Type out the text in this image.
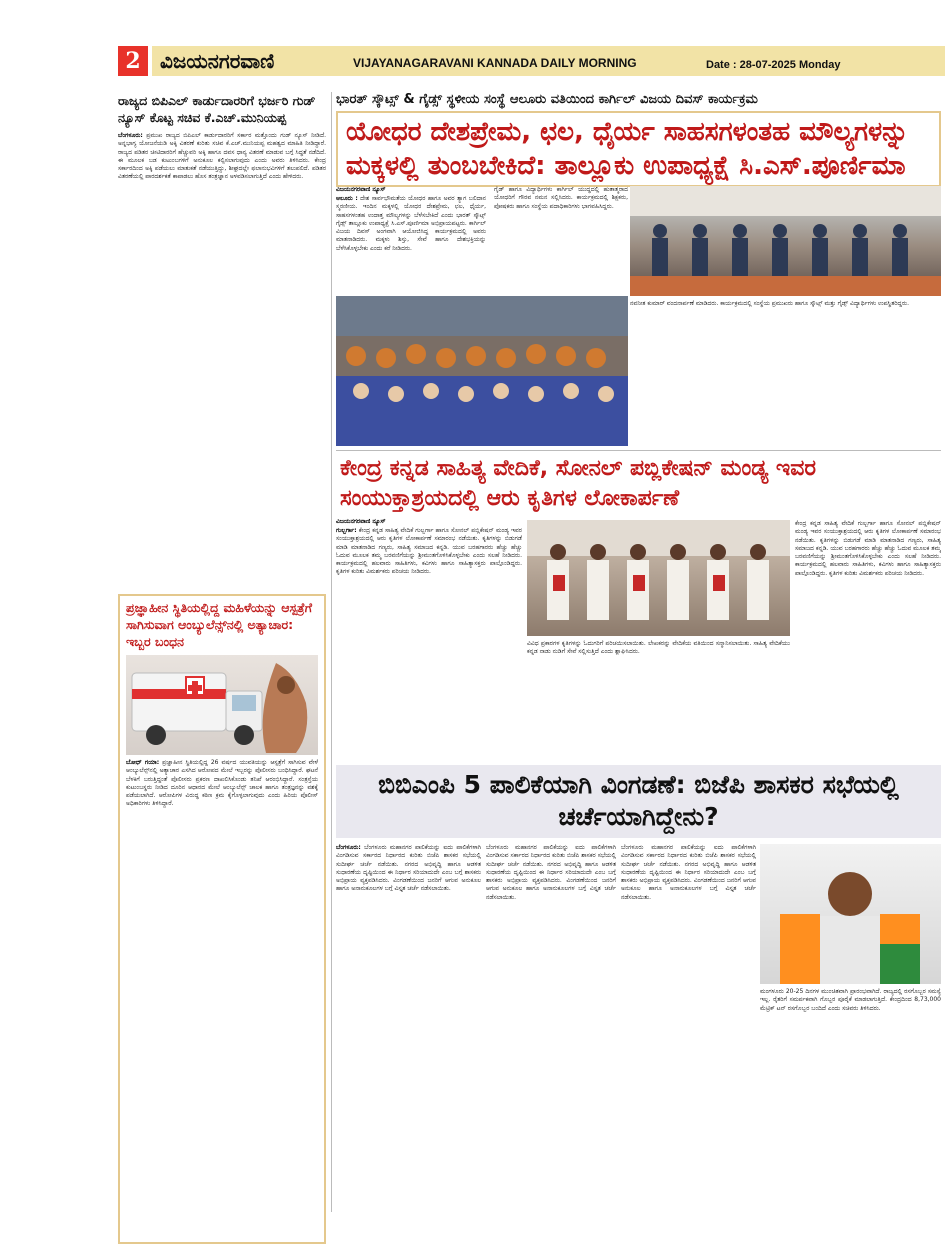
2 ವಿಜಯನಗರವಾಣಿ	VIJAYANAGARAVANI KANNADA DAILY MORNING	Date : 28-07-2025 Monday
ರಾಜ್ಯದ ಬಿಪಿಎಲ್ ಕಾರ್ಡುದಾರರಿಗೆ ಭರ್ಜರಿ ಗುಡ್ ನ್ಯೂಸ್ ಕೊಟ್ಟ ಸಚಿವ ಕೆ.ಎಚ್.ಮುನಿಯಪ್ಪ
ಬೆಂಗಳೂರು: ಪ್ರಮುಖ ರಾಜ್ಯದ ಬಿಪಿಎಲ್ ಕಾರ್ಡುದಾರರಿಗೆ ಸರ್ಕಾರ ಮತ್ತೊಂದು ಗುಡ್ ನ್ಯೂಸ್ ನೀಡಿದೆ. ಅನ್ನಭಾಗ್ಯ ಯೋಜನೆಯಡಿ ಅಕ್ಕಿ ವಿತರಣೆ ಕುರಿತು ಸಚಿವ ಕೆ.ಎಚ್.ಮುನಿಯಪ್ಪ ಮಹತ್ವದ ಮಾಹಿತಿ ನೀಡಿದ್ದಾರೆ. ರಾಜ್ಯದ ಪಡಿತರ ಚೀಟಿದಾರರಿಗೆ ಹೆಚ್ಚುವರಿ ಅಕ್ಕಿ ಹಾಗೂ ದವಸ ಧಾನ್ಯ ವಿತರಣೆ ಮಾಡುವ ಬಗ್ಗೆ ಸಿದ್ಧತೆ ನಡೆದಿದೆ. ಈ ಮೂಲಕ ಬಡ ಕುಟುಂಬಗಳಿಗೆ ಅನುಕೂಲ ಕಲ್ಪಿಸಲಾಗುವುದು ಎಂದು ಅವರು ತಿಳಿಸಿದರು. ಕೇಂದ್ರ ಸರ್ಕಾರದಿಂದ ಅಕ್ಕಿ ಪಡೆಯಲು ಮಾತುಕತೆ ನಡೆಯುತ್ತಿದ್ದು, ಶೀಘ್ರದಲ್ಲೇ ಫಲಾನುಭವಿಗಳಿಗೆ ತಲುಪಲಿದೆ. ಪಡಿತರ ವಿತರಣೆಯಲ್ಲಿ ಪಾರದರ್ಶಕತೆ ಕಾಪಾಡಲು ಹೊಸ ತಂತ್ರಜ್ಞಾನ ಅಳವಡಿಸಲಾಗುತ್ತಿದೆ ಎಂದು ಹೇಳಿದರು.
ಪ್ರಜ್ಞಾಹೀನ ಸ್ಥಿತಿಯಲ್ಲಿದ್ದ ಮಹಿಳೆಯನ್ನು ಆಸ್ಪತ್ರೆಗೆ ಸಾಗಿಸುವಾಗ ಆಂಬ್ಯುಲೆನ್ಸ್‌ನಲ್ಲಿ ಅತ್ಯಾಚಾರ: ಇಬ್ಬರ ಬಂಧನ
ಬೋಧ್ ಗಯಾ: ಪ್ರಜ್ಞಾಹೀನ ಸ್ಥಿತಿಯಲ್ಲಿದ್ದ 26 ವರ್ಷದ ಯುವತಿಯನ್ನು ಆಸ್ಪತ್ರೆಗೆ ಸಾಗಿಸುವ ವೇಳೆ ಆಂಬ್ಯುಲೆನ್ಸ್‌ನಲ್ಲಿ ಅತ್ಯಾಚಾರ ಎಸಗಿದ ಆರೋಪದ ಮೇಲೆ ಇಬ್ಬರನ್ನು ಪೊಲೀಸರು ಬಂಧಿಸಿದ್ದಾರೆ. ಘಟನೆ ಬೆಳಕಿಗೆ ಬರುತ್ತಿದ್ದಂತೆ ಪೊಲೀಸರು ಪ್ರಕರಣ ದಾಖಲಿಸಿಕೊಂಡು ತನಿಖೆ ಆರಂಭಿಸಿದ್ದಾರೆ. ಸಂತ್ರಸ್ತೆಯ ಕುಟುಂಬಸ್ಥರು ನೀಡಿದ ದೂರಿನ ಆಧಾರದ ಮೇಲೆ ಆಂಬ್ಯುಲೆನ್ಸ್ ಚಾಲಕ ಹಾಗೂ ತಂತ್ರಜ್ಞನನ್ನು ವಶಕ್ಕೆ ಪಡೆಯಲಾಗಿದೆ. ಆರೋಪಿಗಳ ವಿರುದ್ಧ ಕಠಿಣ ಕ್ರಮ ಕೈಗೊಳ್ಳಲಾಗುವುದು ಎಂದು ಹಿರಿಯ ಪೊಲೀಸ್ ಅಧಿಕಾರಿಗಳು ತಿಳಿಸಿದ್ದಾರೆ.
ಭಾರತ್ ಸ್ಕೌಟ್ಸ್ & ಗೈಡ್ಸ್ ಸ್ಥಳೀಯ ಸಂಸ್ಥೆ ಆಲೂರು ವತಿಯಿಂದ ಕಾರ್ಗಿಲ್ ವಿಜಯ ದಿವಸ್ ಕಾರ್ಯಕ್ರಮ
ಯೋಧರ ದೇಶಪ್ರೇಮ, ಛಲ, ಧೈರ್ಯ ಸಾಹಸಗಳಂತಹ ಮೌಲ್ಯಗಳನ್ನು ಮಕ್ಕಳಲ್ಲಿ ತುಂಬಬೇಕಿದೆ: ತಾಲ್ಲೂಕು ಉಪಾಧ್ಯಕ್ಷೆ ಸಿ.ಎಸ್.ಪೂರ್ಣಿಮಾ
ವಿಜಯನಗರವಾಣಿ ನ್ಯೂಸ್
ಆಲೂರು : ದೇಶ ಸಾರ್ವಭೌಮತೆಯ ಯೋಧರ ಹಾಗೂ ಅವರ ತ್ಯಾಗ ಬಲಿದಾನ ಸ್ಮರಣೀಯ. ಇಂದಿನ ಮಕ್ಕಳಲ್ಲಿ ಯೋಧರ ದೇಶಪ್ರೇಮ, ಛಲ, ಧೈರ್ಯ, ಸಾಹಸಗಳಂತಹ ಉದಾತ್ತ ಮೌಲ್ಯಗಳನ್ನು ಬೆಳೆಸಬೇಕಿದೆ ಎಂದು ಭಾರತ್ ಸ್ಕೌಟ್ಸ್ ಗೈಡ್ಸ್ ತಾಲ್ಲೂಕು ಉಪಾಧ್ಯಕ್ಷೆ ಸಿ.ಎಸ್.ಪೂರ್ಣಿಮಾ ಅಭಿಪ್ರಾಯಪಟ್ಟರು. ಕಾರ್ಗಿಲ್ ವಿಜಯ ದಿವಸ್ ಅಂಗವಾಗಿ ಆಯೋಜಿಸಿದ್ದ ಕಾರ್ಯಕ್ರಮದಲ್ಲಿ ಅವರು ಮಾತನಾಡಿದರು. ಮಕ್ಕಳು ಶಿಸ್ತು, ಸೇವೆ ಹಾಗೂ ದೇಶಭಕ್ತಿಯನ್ನು ಬೆಳೆಸಿಕೊಳ್ಳಬೇಕು ಎಂದು ಕರೆ ನೀಡಿದರು.
ಗೈಡ್ ಹಾಗೂ ವಿದ್ಯಾರ್ಥಿಗಳು ಕಾರ್ಗಿಲ್ ಯುದ್ಧದಲ್ಲಿ ಹುತಾತ್ಮರಾದ ಯೋಧರಿಗೆ ಗೌರವ ನಮನ ಸಲ್ಲಿಸಿದರು. ಕಾರ್ಯಕ್ರಮದಲ್ಲಿ ಶಿಕ್ಷಕರು, ಪೋಷಕರು ಹಾಗೂ ಸಂಸ್ಥೆಯ ಪದಾಧಿಕಾರಿಗಳು ಭಾಗವಹಿಸಿದ್ದರು.
ನವನೀತ ಕುಮಾರ್ ವಂದನಾರ್ಪಣೆ ಮಾಡಿದರು. ಕಾರ್ಯಕ್ರಮದಲ್ಲಿ ಸಂಸ್ಥೆಯ ಪ್ರಮುಖರು ಹಾಗೂ ಸ್ಕೌಟ್ಸ್ ಮತ್ತು ಗೈಡ್ಸ್ ವಿದ್ಯಾರ್ಥಿಗಳು ಉಪಸ್ಥಿತರಿದ್ದರು.
ಕೇಂದ್ರ ಕನ್ನಡ ಸಾಹಿತ್ಯ ವೇದಿಕೆ, ಸೋನಲ್ ಪಬ್ಲಿಕೇಷನ್ ಮಂಡ್ಯ ಇವರ ಸಂಯುಕ್ತಾಶ್ರಯದಲ್ಲಿ ಆರು ಕೃತಿಗಳ ಲೋಕಾರ್ಪಣೆ
ವಿಜಯನಗರವಾಣಿ ನ್ಯೂಸ್
ಗುಲ್ಬರ್ಗಾ: ಕೇಂದ್ರ ಕನ್ನಡ ಸಾಹಿತ್ಯ ವೇದಿಕೆ ಗುಲ್ಬರ್ಗಾ ಹಾಗೂ ಸೋನಲ್ ಪಬ್ಲಿಕೇಷನ್ ಮಂಡ್ಯ ಇವರ ಸಂಯುಕ್ತಾಶ್ರಯದಲ್ಲಿ ಆರು ಕೃತಿಗಳ ಲೋಕಾರ್ಪಣೆ ಸಮಾರಂಭ ನಡೆಯಿತು. ಕೃತಿಗಳನ್ನು ಬಿಡುಗಡೆ ಮಾಡಿ ಮಾತನಾಡಿದ ಗಣ್ಯರು, ಸಾಹಿತ್ಯ ಸಮಾಜದ ಕನ್ನಡಿ. ಯುವ ಬರಹಗಾರರು ಹೆಚ್ಚು ಹೆಚ್ಚು ಓದುವ ಮೂಲಕ ತಮ್ಮ ಬರವಣಿಗೆಯನ್ನು ಶ್ರೀಮಂತಗೊಳಿಸಿಕೊಳ್ಳಬೇಕು ಎಂದು ಸಲಹೆ ನೀಡಿದರು. ಕಾರ್ಯಕ್ರಮದಲ್ಲಿ ಹಲವಾರು ಸಾಹಿತಿಗಳು, ಕವಿಗಳು ಹಾಗೂ ಸಾಹಿತ್ಯಾಸಕ್ತರು ಪಾಲ್ಗೊಂಡಿದ್ದರು. ಕೃತಿಗಳ ಕುರಿತು ವಿಮರ್ಶಕರು ಪರಿಚಯ ನೀಡಿದರು.
ವಿವಿಧ ಪ್ರಕಾರಗಳ ಕೃತಿಗಳನ್ನು ಓದುಗರಿಗೆ ಪರಿಚಯಿಸಲಾಯಿತು. ಲೇಖಕರನ್ನು ವೇದಿಕೆಯ ವತಿಯಿಂದ ಸನ್ಮಾನಿಸಲಾಯಿತು. ಸಾಹಿತ್ಯ ವೇದಿಕೆಯು ಕನ್ನಡ ನಾಡು ನುಡಿಗೆ ಸೇವೆ ಸಲ್ಲಿಸುತ್ತಿದೆ ಎಂದು ಶ್ಲಾಘಿಸಿದರು.
ಕೇಂದ್ರ ಕನ್ನಡ ಸಾಹಿತ್ಯ ವೇದಿಕೆ ಗುಲ್ಬರ್ಗಾ ಹಾಗೂ ಸೋನಲ್ ಪಬ್ಲಿಕೇಷನ್ ಮಂಡ್ಯ ಇವರ ಸಂಯುಕ್ತಾಶ್ರಯದಲ್ಲಿ ಆರು ಕೃತಿಗಳ ಲೋಕಾರ್ಪಣೆ ಸಮಾರಂಭ ನಡೆಯಿತು. ಕೃತಿಗಳನ್ನು ಬಿಡುಗಡೆ ಮಾಡಿ ಮಾತನಾಡಿದ ಗಣ್ಯರು, ಸಾಹಿತ್ಯ ಸಮಾಜದ ಕನ್ನಡಿ. ಯುವ ಬರಹಗಾರರು ಹೆಚ್ಚು ಹೆಚ್ಚು ಓದುವ ಮೂಲಕ ತಮ್ಮ ಬರವಣಿಗೆಯನ್ನು ಶ್ರೀಮಂತಗೊಳಿಸಿಕೊಳ್ಳಬೇಕು ಎಂದು ಸಲಹೆ ನೀಡಿದರು. ಕಾರ್ಯಕ್ರಮದಲ್ಲಿ ಹಲವಾರು ಸಾಹಿತಿಗಳು, ಕವಿಗಳು ಹಾಗೂ ಸಾಹಿತ್ಯಾಸಕ್ತರು ಪಾಲ್ಗೊಂಡಿದ್ದರು. ಕೃತಿಗಳ ಕುರಿತು ವಿಮರ್ಶಕರು ಪರಿಚಯ ನೀಡಿದರು.
ಬಿಬಿಎಂಪಿ 5 ಪಾಲಿಕೆಯಾಗಿ ವಿಂಗಡಣೆ: ಬಿಜೆಪಿ ಶಾಸಕರ ಸಭೆಯಲ್ಲಿ ಚರ್ಚೆಯಾಗಿದ್ದೇನು?
ಬೆಂಗಳೂರು: ಬೆಂಗಳೂರು ಮಹಾನಗರ ಪಾಲಿಕೆಯನ್ನು ಐದು ಪಾಲಿಕೆಗಳಾಗಿ ವಿಂಗಡಿಸುವ ಸರ್ಕಾರದ ನಿರ್ಧಾರದ ಕುರಿತು ಬಿಜೆಪಿ ಶಾಸಕರ ಸಭೆಯಲ್ಲಿ ಸುದೀರ್ಘ ಚರ್ಚೆ ನಡೆಯಿತು. ನಗರದ ಅಭಿವೃದ್ಧಿ ಹಾಗೂ ಆಡಳಿತ ಸುಧಾರಣೆಯ ದೃಷ್ಟಿಯಿಂದ ಈ ನಿರ್ಧಾರ ಸರಿಯಾದುದೇ ಎಂಬ ಬಗ್ಗೆ ಶಾಸಕರು ಅಭಿಪ್ರಾಯ ವ್ಯಕ್ತಪಡಿಸಿದರು. ವಿಂಗಡಣೆಯಿಂದ ಜನರಿಗೆ ಆಗುವ ಅನುಕೂಲ ಹಾಗೂ ಅನಾನುಕೂಲಗಳ ಬಗ್ಗೆ ವಿಸ್ತೃತ ಚರ್ಚೆ ನಡೆಸಲಾಯಿತು.
ಬೆಂಗಳೂರು ಮಹಾನಗರ ಪಾಲಿಕೆಯನ್ನು ಐದು ಪಾಲಿಕೆಗಳಾಗಿ ವಿಂಗಡಿಸುವ ಸರ್ಕಾರದ ನಿರ್ಧಾರದ ಕುರಿತು ಬಿಜೆಪಿ ಶಾಸಕರ ಸಭೆಯಲ್ಲಿ ಸುದೀರ್ಘ ಚರ್ಚೆ ನಡೆಯಿತು. ನಗರದ ಅಭಿವೃದ್ಧಿ ಹಾಗೂ ಆಡಳಿತ ಸುಧಾರಣೆಯ ದೃಷ್ಟಿಯಿಂದ ಈ ನಿರ್ಧಾರ ಸರಿಯಾದುದೇ ಎಂಬ ಬಗ್ಗೆ ಶಾಸಕರು ಅಭಿಪ್ರಾಯ ವ್ಯಕ್ತಪಡಿಸಿದರು. ವಿಂಗಡಣೆಯಿಂದ ಜನರಿಗೆ ಆಗುವ ಅನುಕೂಲ ಹಾಗೂ ಅನಾನುಕೂಲಗಳ ಬಗ್ಗೆ ವಿಸ್ತೃತ ಚರ್ಚೆ ನಡೆಸಲಾಯಿತು.
ಬೆಂಗಳೂರು ಮಹಾನಗರ ಪಾಲಿಕೆಯನ್ನು ಐದು ಪಾಲಿಕೆಗಳಾಗಿ ವಿಂಗಡಿಸುವ ಸರ್ಕಾರದ ನಿರ್ಧಾರದ ಕುರಿತು ಬಿಜೆಪಿ ಶಾಸಕರ ಸಭೆಯಲ್ಲಿ ಸುದೀರ್ಘ ಚರ್ಚೆ ನಡೆಯಿತು. ನಗರದ ಅಭಿವೃದ್ಧಿ ಹಾಗೂ ಆಡಳಿತ ಸುಧಾರಣೆಯ ದೃಷ್ಟಿಯಿಂದ ಈ ನಿರ್ಧಾರ ಸರಿಯಾದುದೇ ಎಂಬ ಬಗ್ಗೆ ಶಾಸಕರು ಅಭಿಪ್ರಾಯ ವ್ಯಕ್ತಪಡಿಸಿದರು. ವಿಂಗಡಣೆಯಿಂದ ಜನರಿಗೆ ಆಗುವ ಅನುಕೂಲ ಹಾಗೂ ಅನಾನುಕೂಲಗಳ ಬಗ್ಗೆ ವಿಸ್ತೃತ ಚರ್ಚೆ ನಡೆಸಲಾಯಿತು.
ಮಂಗಳೂರು 20-25 ದಿನಗಳ ಮುಂಚಿತವಾಗಿ ಪ್ರಾರಂಭವಾಗಿದೆ. ರಾಜ್ಯದಲ್ಲಿ ರಸಗೊಬ್ಬರ ಸಮಸ್ಯೆ ಇಲ್ಲ. ರೈತರಿಗೆ ಸಮರ್ಪಕವಾಗಿ ಗೊಬ್ಬರ ಪೂರೈಕೆ ಮಾಡಲಾಗುತ್ತಿದೆ. ಕೇಂದ್ರದಿಂದ 8,73,000 ಮೆಟ್ರಿಕ್ ಟನ್ ರಸಗೊಬ್ಬರ ಬಂದಿದೆ ಎಂದು ಸಚಿವರು ತಿಳಿಸಿದರು.
